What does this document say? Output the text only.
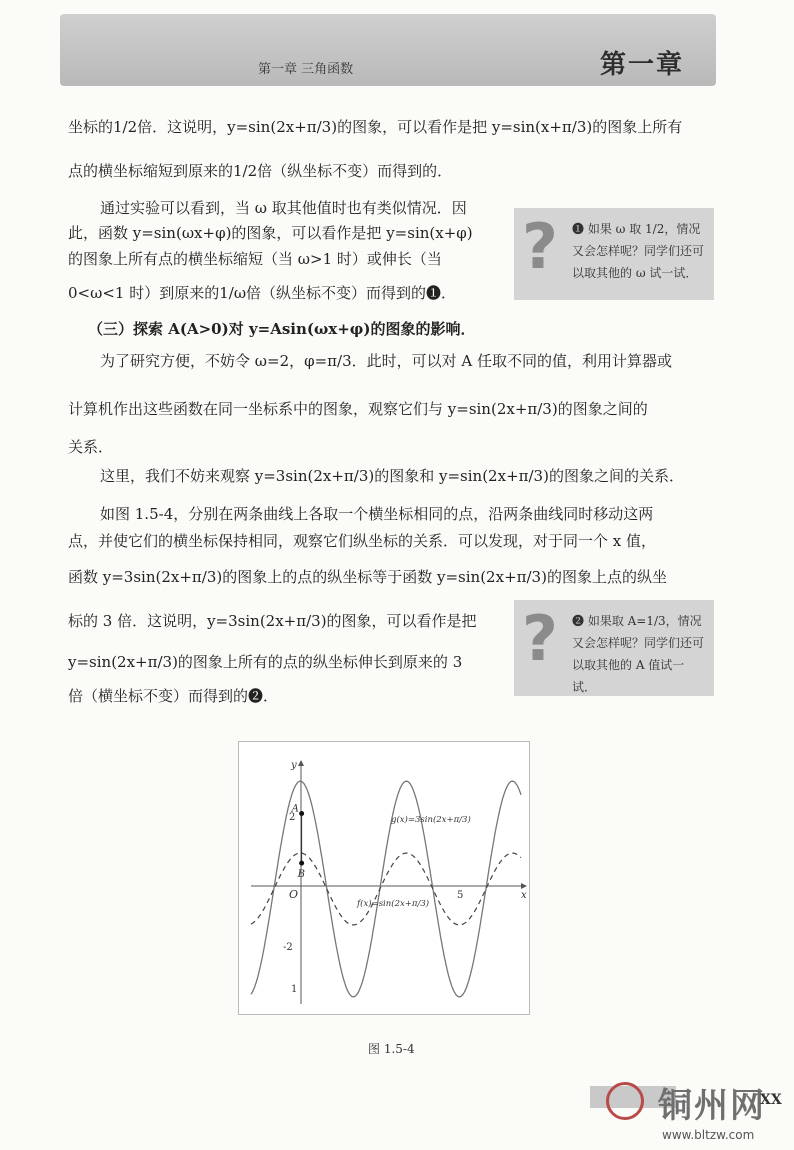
第一章 三角函数	第一章
坐标的1/2倍．这说明，y=sin(2x+π/3)的图象，可以看作是把 y=sin(x+π/3)的图象上所有
点的横坐标缩短到原来的1/2倍（纵坐标不变）而得到的．
通过实验可以看到，当 ω 取其他值时也有类似情况．因
此，函数 y=sin(ωx+φ)的图象，可以看作是把 y=sin(x+φ)
的图象上所有点的横坐标缩短（当 ω>1 时）或伸长（当
0<ω<1 时）到原来的1/ω倍（纵坐标不变）而得到的❶．
? ❶ 如果 ω 取 1/2，情况又会怎样呢？同学们还可以取其他的 ω 试一试．
（三）探索 A(A>0)对 y=Asin(ωx+φ)的图象的影响．
为了研究方便，不妨令 ω=2，φ=π/3．此时，可以对 A 任取不同的值，利用计算器或
计算机作出这些函数在同一坐标系中的图象，观察它们与 y=sin(2x+π/3)的图象之间的
关系．
这里，我们不妨来观察 y=3sin(2x+π/3)的图象和 y=sin(2x+π/3)的图象之间的关系．
如图 1.5-4，分别在两条曲线上各取一个横坐标相同的点，沿两条曲线同时移动这两
点，并使它们的横坐标保持相同，观察它们纵坐标的关系．可以发现，对于同一个 x 值，
函数 y=3sin(2x+π/3)的图象上的点的纵坐标等于函数 y=sin(2x+π/3)的图象上点的纵坐
标的 3 倍．这说明，y=3sin(2x+π/3)的图象，可以看作是把
y=sin(2x+π/3)的图象上所有的点的纵坐标伸长到原来的 3
倍（横坐标不变）而得到的❷．
? ❷ 如果取 A=1/3，情况又会怎样呢？同学们还可以取其他的 A 值试一试．
x
y
O
2
-2
1
5
A
B
g(x)=3sin(2x+π/3)
f(x)=sin(2x+π/3)
图 1.5-4
铜州网
www.bltzw.com
XX
